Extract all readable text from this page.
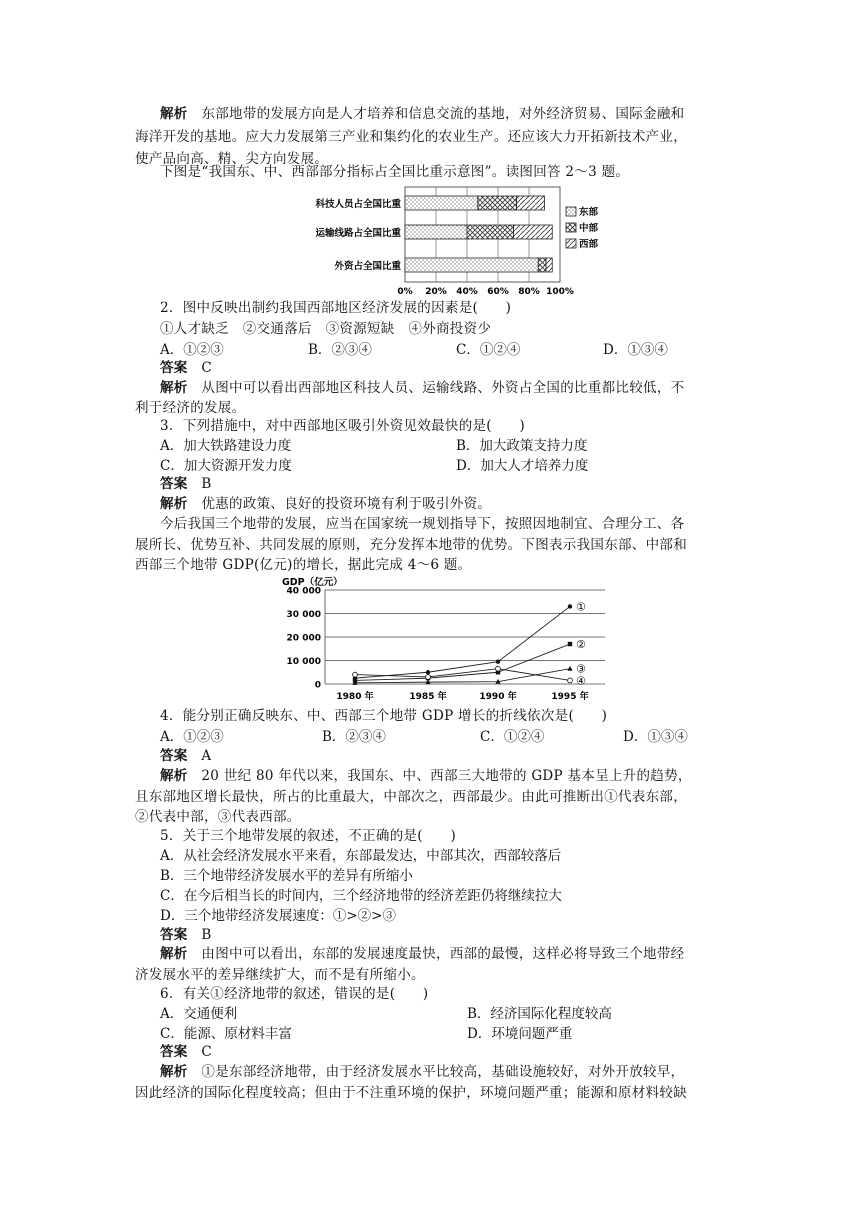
解析　 东部地带的发展方向是人才培养和信息交流的基地，对外经济贸易、国际金融和
海洋开发的基地。应大力发展第三产业和集约化的农业生产。还应该大力开拓新技术产业，
使产品向高、精、尖方向发展。
下图是“我国东、中、西部部分指标占全国比重示意图”。读图回答 2～3 题。
科技人员占全国比重
运输线路占全国比重
外资占全国比重
0% 20% 40% 60% 80% 100%
东部
中部
西部
2．图中反映出制约我国西部地区经济发展的因素是(　　)
①人才缺乏　②交通落后　③资源短缺　④外商投资少
A．①②③	B．②③④	C．①②④	D．①③④
答案　 C
解析　 从图中可以看出西部地区科技人员、运输线路、外资占全国的比重都比较低，不
利于经济的发展。
3．下列措施中，对中西部地区吸引外资见效最快的是(　　)
A．加大铁路建设力度	B．加大政策支持力度
C．加大资源开发力度	D．加大人才培养力度
答案　 B
解析　 优惠的政策、良好的投资环境有利于吸引外资。
今后我国三个地带的发展，应当在国家统一规划指导下，按照因地制宜、合理分工、各
展所长、优势互补、共同发展的原则，充分发挥本地带的优势。下图表示我国东部、中部和
西部三个地带 GDP(亿元)的增长，据此完成 4～6 题。
GDP（亿元）
40 000
30 000
20 000
10 000
0
1980 年	1985 年	1990 年	1995 年
①
②
③
④
4．能分别正确反映东、中、西部三个地带 GDP 增长的折线依次是(　　)
A．①②③	B．②③④	C．①②④	D．①③④
答案　 A
解析　 20 世纪 80 年代以来，我国东、中、西部三大地带的 GDP 基本呈上升的趋势，
且东部地区增长最快，所占的比重最大，中部次之，西部最少。由此可推断出①代表东部，
②代表中部，③代表西部。
5．关于三个地带发展的叙述，不正确的是(　　)
A．从社会经济发展水平来看，东部最发达，中部其次，西部较落后
B．三个地带经济发展水平的差异有所缩小
C．在今后相当长的时间内，三个经济地带的经济差距仍将继续拉大
D．三个地带经济发展速度：①>②>③
答案　 B
解析　 由图中可以看出，东部的发展速度最快，西部的最慢，这样必将导致三个地带经
济发展水平的差异继续扩大，而不是有所缩小。
6．有关①经济地带的叙述，错误的是(　　)
A．交通便利	B．经济国际化程度较高
C．能源、原材料丰富	D．环境问题严重
答案　 C
解析　 ①是东部经济地带，由于经济发展水平比较高，基础设施较好，对外开放较早，
因此经济的国际化程度较高；但由于不注重环境的保护，环境问题严重；能源和原材料较缺
